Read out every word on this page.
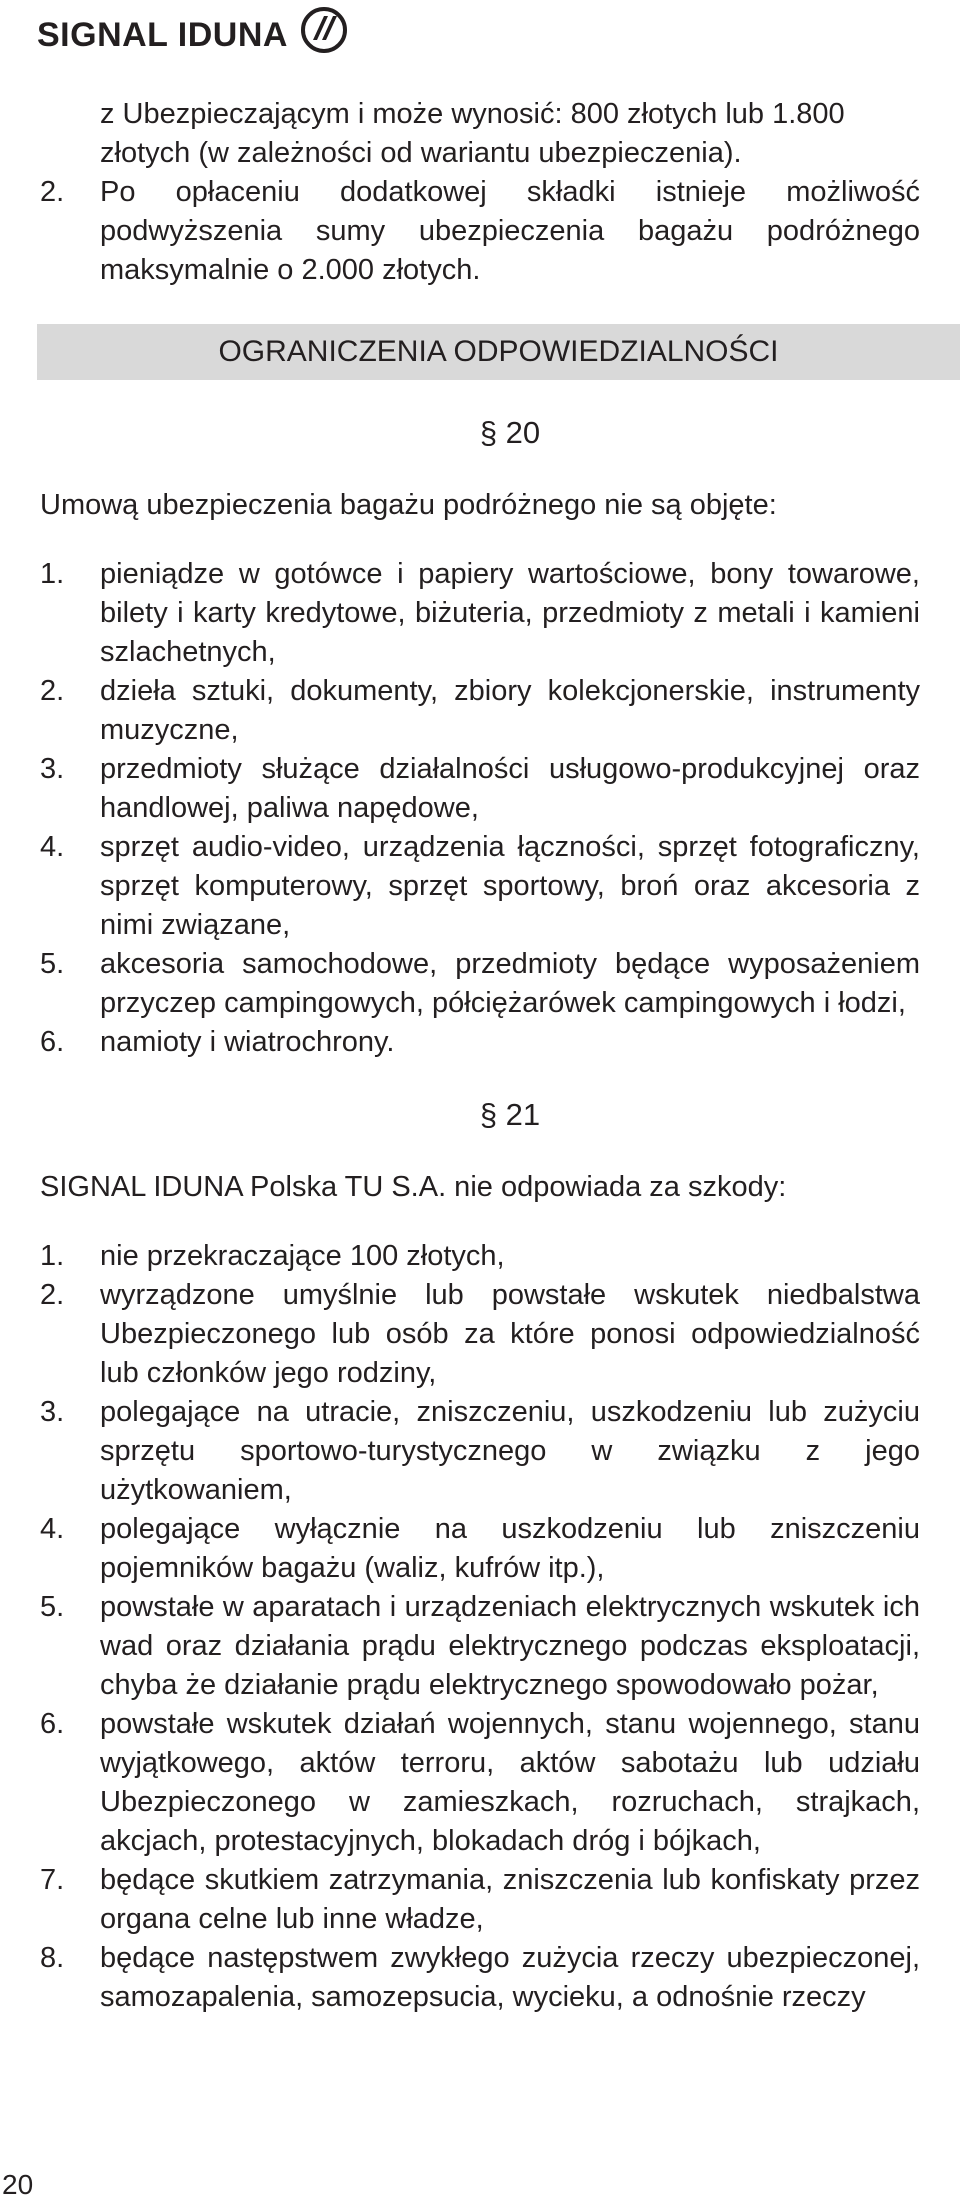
SIGNAL IDUNA
z Ubezpieczającym i może wynosić: 800 złotych lub 1.800 złotych (w zależności od wariantu ubezpieczenia).
2. Po opłaceniu dodatkowej składki istnieje możliwość podwyższenia sumy ubezpieczenia bagażu podróżnego maksymalnie o 2.000 złotych.
OGRANICZENIA ODPOWIEDZIALNOŚCI
§ 20
Umową ubezpieczenia bagażu podróżnego nie są objęte:
1. pieniądze w gotówce i papiery wartościowe, bony towarowe, bilety i karty kredytowe, biżuteria, przedmioty z metali i kamieni szlachetnych,
2. dzieła sztuki, dokumenty, zbiory kolekcjonerskie, instrumenty muzyczne,
3. przedmioty służące działalności usługowo-produkcyjnej oraz handlowej, paliwa napędowe,
4. sprzęt audio-video, urządzenia łączności, sprzęt fotograficzny, sprzęt komputerowy, sprzęt sportowy, broń oraz akcesoria z nimi związane,
5. akcesoria samochodowe, przedmioty będące wyposażeniem przyczep campingowych, półciężarówek campingowych i łodzi,
6. namioty i wiatrochrony.
§ 21
SIGNAL IDUNA Polska TU S.A. nie odpowiada za szkody:
1. nie przekraczające 100 złotych,
2. wyrządzone umyślnie lub powstałe wskutek niedbalstwa Ubezpieczonego lub osób za które ponosi odpowiedzialność lub członków jego rodziny,
3. polegające na utracie, zniszczeniu, uszkodzeniu lub zużyciu sprzętu sportowo-turystycznego w związku z jego użytkowaniem,
4. polegające wyłącznie na uszkodzeniu lub zniszczeniu pojemników bagażu (waliz, kufrów itp.),
5. powstałe w aparatach i urządzeniach elektrycznych wskutek ich wad oraz działania prądu elektrycznego podczas eksploatacji, chyba że działanie prądu elektrycznego spowodowało pożar,
6. powstałe wskutek działań wojennych, stanu wojennego, stanu wyjątkowego, aktów terroru, aktów sabotażu lub udziału Ubezpieczonego w zamieszkach, rozruchach, strajkach, akcjach, protestacyjnych, blokadach dróg i bójkach,
7. będące skutkiem zatrzymania, zniszczenia lub konfiskaty przez organa celne lub inne władze,
8. będące następstwem zwykłego zużycia rzeczy ubezpieczonej, samozapalenia, samozepsucia, wycieku, a odnośnie rzeczy
20
